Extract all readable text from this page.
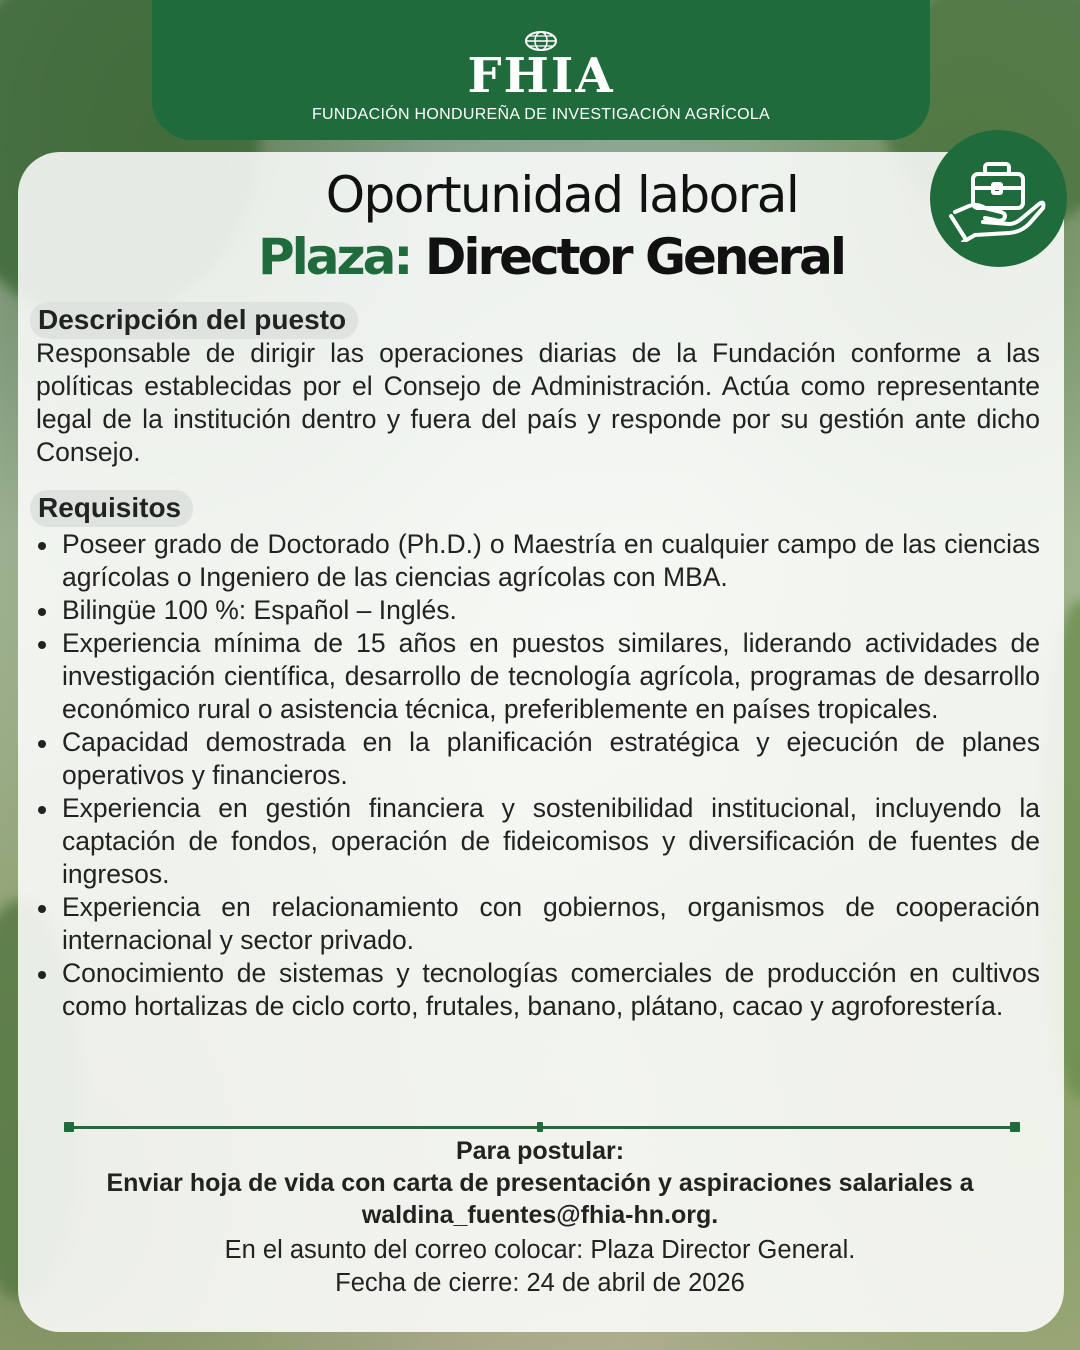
FHIA
FUNDACIÓN HONDUREÑA DE INVESTIGACIÓN AGRÍCOLA
Oportunidad laboral
Plaza: Director General
Descripción del puesto

Responsable de dirigir las operaciones diarias de la Fundación conforme a las políticas establecidas por el Consejo de Administración. Actúa como representante legal de la institución dentro y fuera del país y responde por su gestión ante dicho Consejo.

Requisitos
Poseer grado de Doctorado (Ph.D.) o Maestría en cualquier campo de las ciencias agrícolas o Ingeniero de las ciencias agrícolas con MBA.
Bilingüe 100 %: Español – Inglés.
Experiencia mínima de 15 años en puestos similares, liderando actividades de investigación científica, desarrollo de tecnología agrícola, programas de desarrollo económico rural o asistencia técnica, preferiblemente en países tropicales.
Capacidad demostrada en la planificación estratégica y ejecución de planes operativos y financieros.
Experiencia en gestión financiera y sostenibilidad institucional, incluyendo la captación de fondos, operación de fideicomisos y diversificación de fuentes de ingresos.
Experiencia en relacionamiento con gobiernos, organismos de cooperación internacional y sector privado.
Conocimiento de sistemas y tecnologías comerciales de producción en cultivos como hortalizas de ciclo corto, frutales, banano, plátano, cacao y agroforestería.
Para postular:
Enviar hoja de vida con carta de presentación y aspiraciones salariales a
waldina_fuentes@fhia-hn.org.
En el asunto del correo colocar: Plaza Director General.
Fecha de cierre: 24 de abril de 2026
